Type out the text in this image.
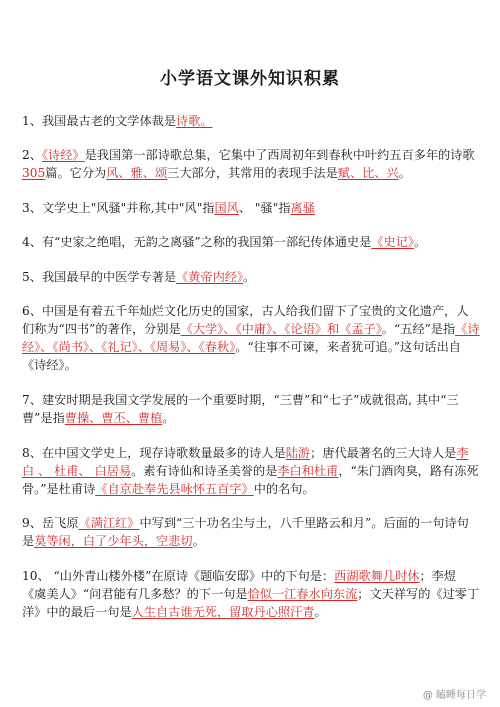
小学语文课外知识积累

1、我国最古老的文学体裁是诗歌。

2、《诗经》是我国第一部诗歌总集，它集中了西周初年到春秋中叶约五百多年的诗歌305篇。它分为风、雅、颂三大部分，其常用的表现手法是赋、比、兴。

3、文学史上"风骚"并称,其中"风"指国风、 "骚"指离骚

4、有“史家之绝唱，无韵之离骚”之称的我国第一部纪传体通史是《史记》。

5、我国最早的中医学专著是《黄帝内经》。

6、中国是有着五千年灿烂文化历史的国家，古人给我们留下了宝贵的文化遗产，人们称为“四书”的著作，分别是《大学》、《中庸》、《论语》和《孟子》。“五经”是指《诗经》、《尚书》、《礼记》、《周易》、《春秋》。“往事不可谏，来者犹可追。”这句话出自《诗经》。

7、建安时期是我国文学发展的一个重要时期，“三曹”和“七子”成就很高, 其中“三曹”是指曹操、曹丕、曹植。

8、在中国文学史上，现存诗歌数量最多的诗人是陆游；唐代最著名的三大诗人是李白 、 杜甫、 白居易。素有诗仙和诗圣美誉的是李白和杜甫，“朱门酒肉臭，路有冻死骨。”是杜甫诗《自京赴奉先县咏怀五百字》中的名句。

9、岳飞原《满江红》中写到“三十功名尘与土，八千里路云和月”。后面的一句诗句是莫等闲，白了少年头，空悲切。

10、 “山外青山楼外楼”在原诗《题临安邸》中的下句是：西湖歌舞几时休；李煜《虞美人》“问君能有几多愁？的下一句是恰似一江春水向东流；文天祥写的《过零丁洋》中的最后一句是人生自古谁无死，留取丹心照汗青。

@ 瞌睡每日学
